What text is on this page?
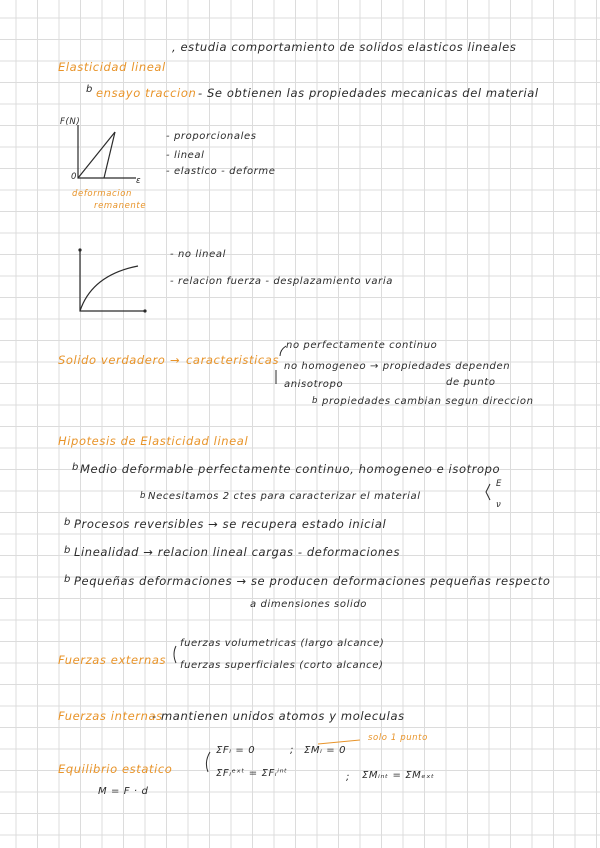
, estudia comportamiento de solidos elasticos lineales
Elasticidad lineal
b ensayo traccion - Se obtienen las propiedades mecanicas del material
F(N)
0	ε
deformacion
remanente
- proporcionales
- lineal
- elastico - deforme
- no lineal
- relacion fuerza - desplazamiento varia
Solido verdadero → caracteristicas
no perfectamente continuo
no homogeneo → propiedades dependen
de punto
anisotropo
b propiedades cambian segun direccion
Hipotesis de Elasticidad lineal
b Medio deformable perfectamente continuo, homogeneo e isotropo
b Necesitamos 2 ctes para caracterizar el material
E
ν
b Procesos reversibles → se recupera estado inicial
b Linealidad → relacion lineal cargas - deformaciones
b Pequeñas deformaciones → se producen deformaciones pequeñas respecto
a dimensiones solido
Fuerzas externas
fuerzas volumetricas (largo alcance)
fuerzas superficiales (corto alcance)
Fuerzas internas
- mantienen unidos atomos y moleculas
solo 1 punto
Equilibrio estatico
ΣFᵢ = 0	; ΣMᵢ = 0
ΣFᵢᵉˣᵗ = ΣFᵢⁱⁿᵗ	; ΣMᵢₙₜ = ΣMₑₓₜ
M = F · d
